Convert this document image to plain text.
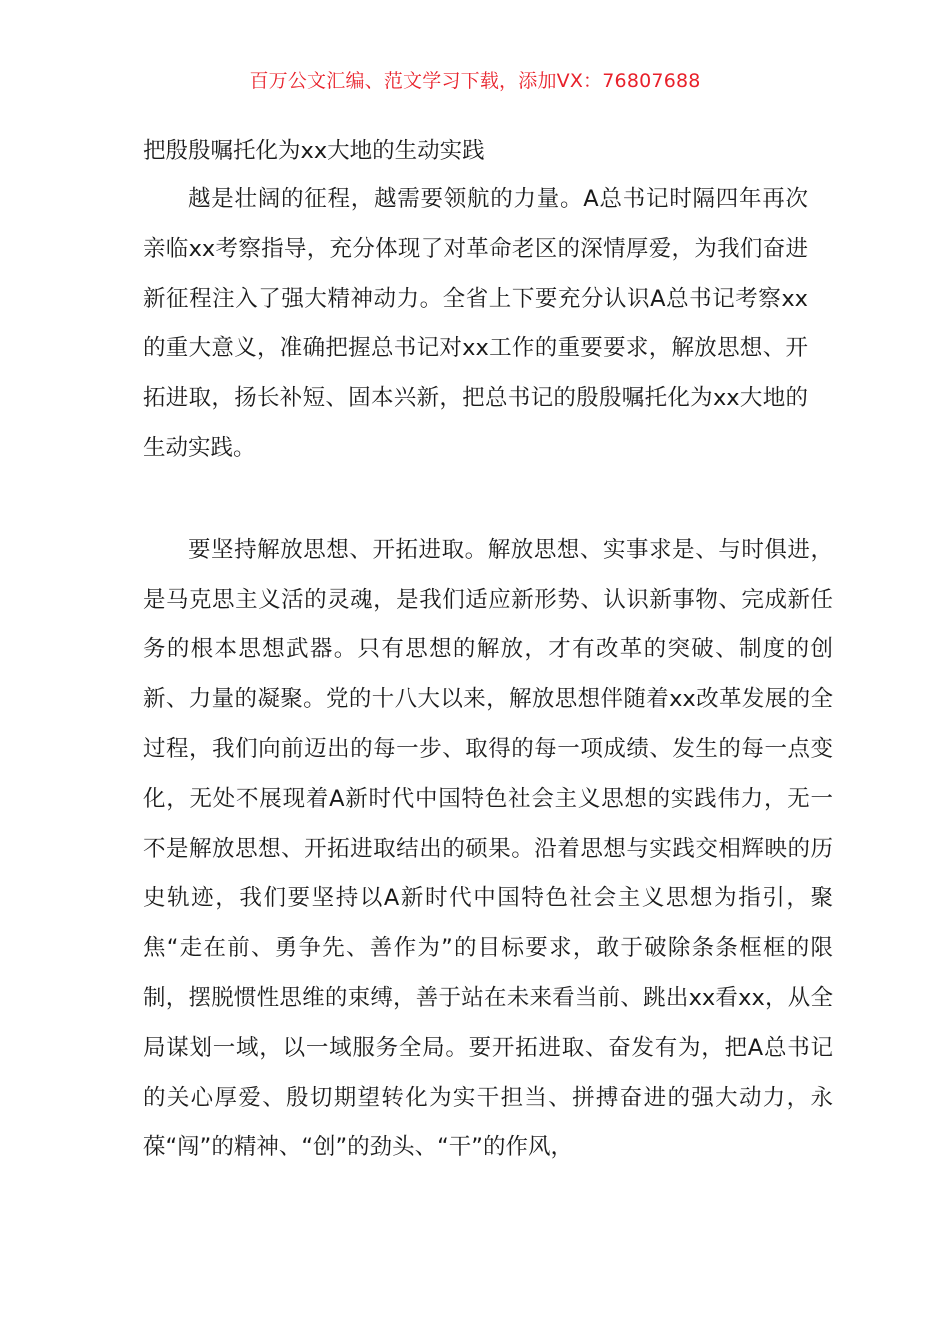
百万公文汇编、范文学习下载，添加VX：76807688
把殷殷嘱托化为xx大地的生动实践

越是壮阔的征程，越需要领航的力量。A总书记时隔四年再次亲临xx考察指导，充分体现了对革命老区的深情厚爱，为我们奋进新征程注入了强大精神动力。全省上下要充分认识A总书记考察xx的重大意义，准确把握总书记对xx工作的重要要求，解放思想、开拓进取，扬长补短、固本兴新，把总书记的殷殷嘱托化为xx大地的生动实践。

要坚持解放思想、开拓进取。解放思想、实事求是、与时俱进，是马克思主义活的灵魂，是我们适应新形势、认识新事物、完成新任务的根本思想武器。只有思想的解放，才有改革的突破、制度的创新、力量的凝聚。党的十八大以来，解放思想伴随着xx改革发展的全过程，我们向前迈出的每一步、取得的每一项成绩、发生的每一点变化，无处不展现着A新时代中国特色社会主义思想的实践伟力，无一不是解放思想、开拓进取结出的硕果。沿着思想与实践交相辉映的历史轨迹，我们要坚持以A新时代中国特色社会主义思想为指引，聚焦“走在前、勇争先、善作为”的目标要求，敢于破除条条框框的限制，摆脱惯性思维的束缚，善于站在未来看当前、跳出xx看xx，从全局谋划一域，以一域服务全局。要开拓进取、奋发有为，把A总书记的关心厚爱、殷切期望转化为实干担当、拼搏奋进的强大动力，永葆“闯”的精神、“创”的劲头、“干”的作风，
